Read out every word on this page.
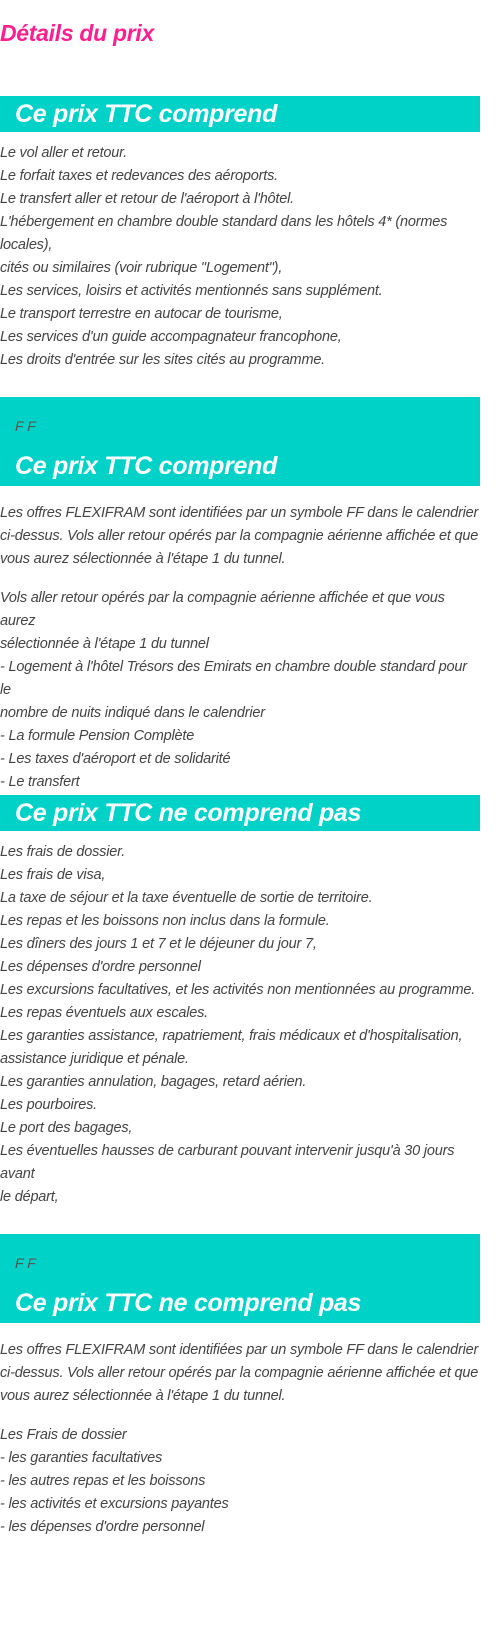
Détails du prix
Ce prix TTC comprend
Le vol aller et retour.
Le forfait taxes et redevances des aéroports.
Le transfert aller et retour de l'aéroport à l'hôtel.
L'hébergement en chambre double standard dans les hôtels 4* (normes locales),
cités ou similaires (voir rubrique "Logement"),
Les services, loisirs et activités mentionnés sans supplément.
Le transport terrestre en autocar de tourisme,
Les services d'un guide accompagnateur francophone,
Les droits d'entrée sur les sites cités au programme.

F F

Ce prix TTC comprend

Les offres FLEXIFRAM sont identifiées par un symbole FF dans le calendrier ci-dessus. Vols aller retour opérés par la compagnie aérienne affichée et que vous aurez sélectionnée à l'étape 1 du tunnel.

Vols aller retour opérés par la compagnie aérienne affichée et que vous aurez
sélectionnée à l'étape 1 du tunnel
- Logement à l'hôtel Trésors des Emirats en chambre double standard pour le
nombre de nuits indiqué dans le calendrier
- La formule Pension Complète
- Les taxes d'aéroport et de solidarité
- Le transfert
Ce prix TTC ne comprend pas
Les frais de dossier.
Les frais de visa,
La taxe de séjour et la taxe éventuelle de sortie de territoire.
Les repas et les boissons non inclus dans la formule.
Les dîners des jours 1 et 7 et le déjeuner du jour 7,
Les dépenses d'ordre personnel
Les excursions facultatives, et les activités non mentionnées au programme.
Les repas éventuels aux escales.
Les garanties assistance, rapatriement, frais médicaux et d'hospitalisation,
assistance juridique et pénale.
Les garanties annulation, bagages, retard aérien.
Les pourboires.
Le port des bagages,
Les éventuelles hausses de carburant pouvant intervenir jusqu'à 30 jours avant
le départ,

F F

Ce prix TTC ne comprend pas

Les offres FLEXIFRAM sont identifiées par un symbole FF dans le calendrier ci-dessus. Vols aller retour opérés par la compagnie aérienne affichée et que vous aurez sélectionnée à l'étape 1 du tunnel.

Les Frais de dossier
- les garanties facultatives
- les autres repas et les boissons
- les activités et excursions payantes
- les dépenses d'ordre personnel
